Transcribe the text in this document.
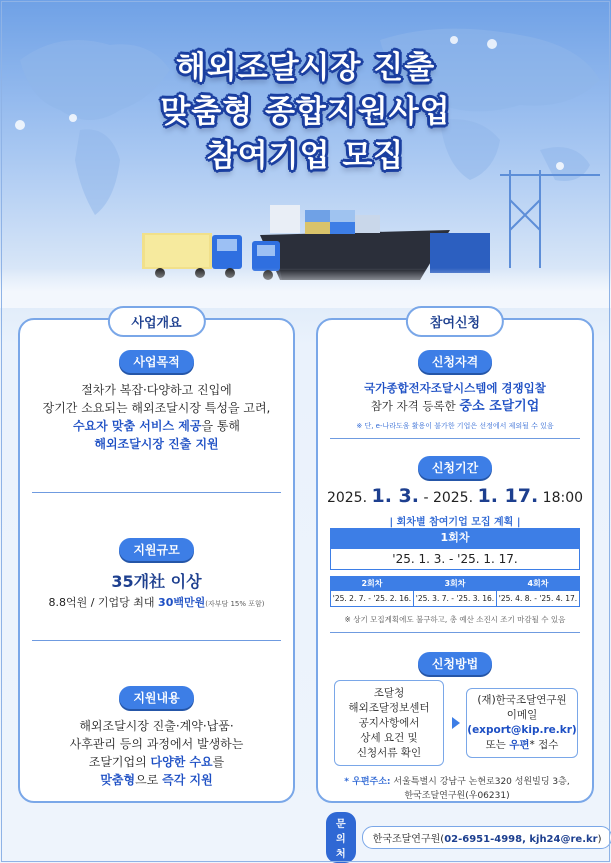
해외조달시장 진출
맞춤형 종합지원사업
참여기업 모집
사업개요
사업목적
절차가 복잡·다양하고 진입에
장기간 소요되는 해외조달시장 특성을 고려,
수요자 맞춤 서비스 제공을 통해
해외조달시장 진출 지원
지원규모
35개社 이상
8.8억원 / 기업당 최대 30백만원(자부담 15% 포함)
지원내용
해외조달시장 진출·계약·납품·
사후관리 등의 과정에서 발생하는
조달기업의 다양한 수요를
맞춤형으로 즉각 지원
참여신청
신청자격
국가종합전자조달시스템에 경쟁입찰
참가 자격 등록한 중소 조달기업
※ 단, e-나라도움 활용이 불가한 기업은 선정에서 제외될 수 있음
신청기간
2025. 1. 3. - 2025. 1. 17. 18:00
| 회차별 참여기업 모집 계획 |
1회차
'25. 1. 3. - '25. 1. 17.
2회차
'25. 2. 7. - '25. 2. 16.
3회차
'25. 3. 7. - '25. 3. 16.
4회차
'25. 4. 8. - '25. 4. 17.
※ 상기 모집계획에도 불구하고, 총 예산 소진시 조기 마감될 수 있음
신청방법
조달청
해외조달정보센터
공지사항에서
상세 요건 및
신청서류 확인
(재)한국조달연구원
이메일
(export@kip.re.kr)
또는 우편* 접수
* 우편주소: 서울특별시 강남구 논현로320 성원빌딩 3층,
한국조달연구원(우06231)
문의처
한국조달연구원(02-6951-4998, kjh24@re.kr)
